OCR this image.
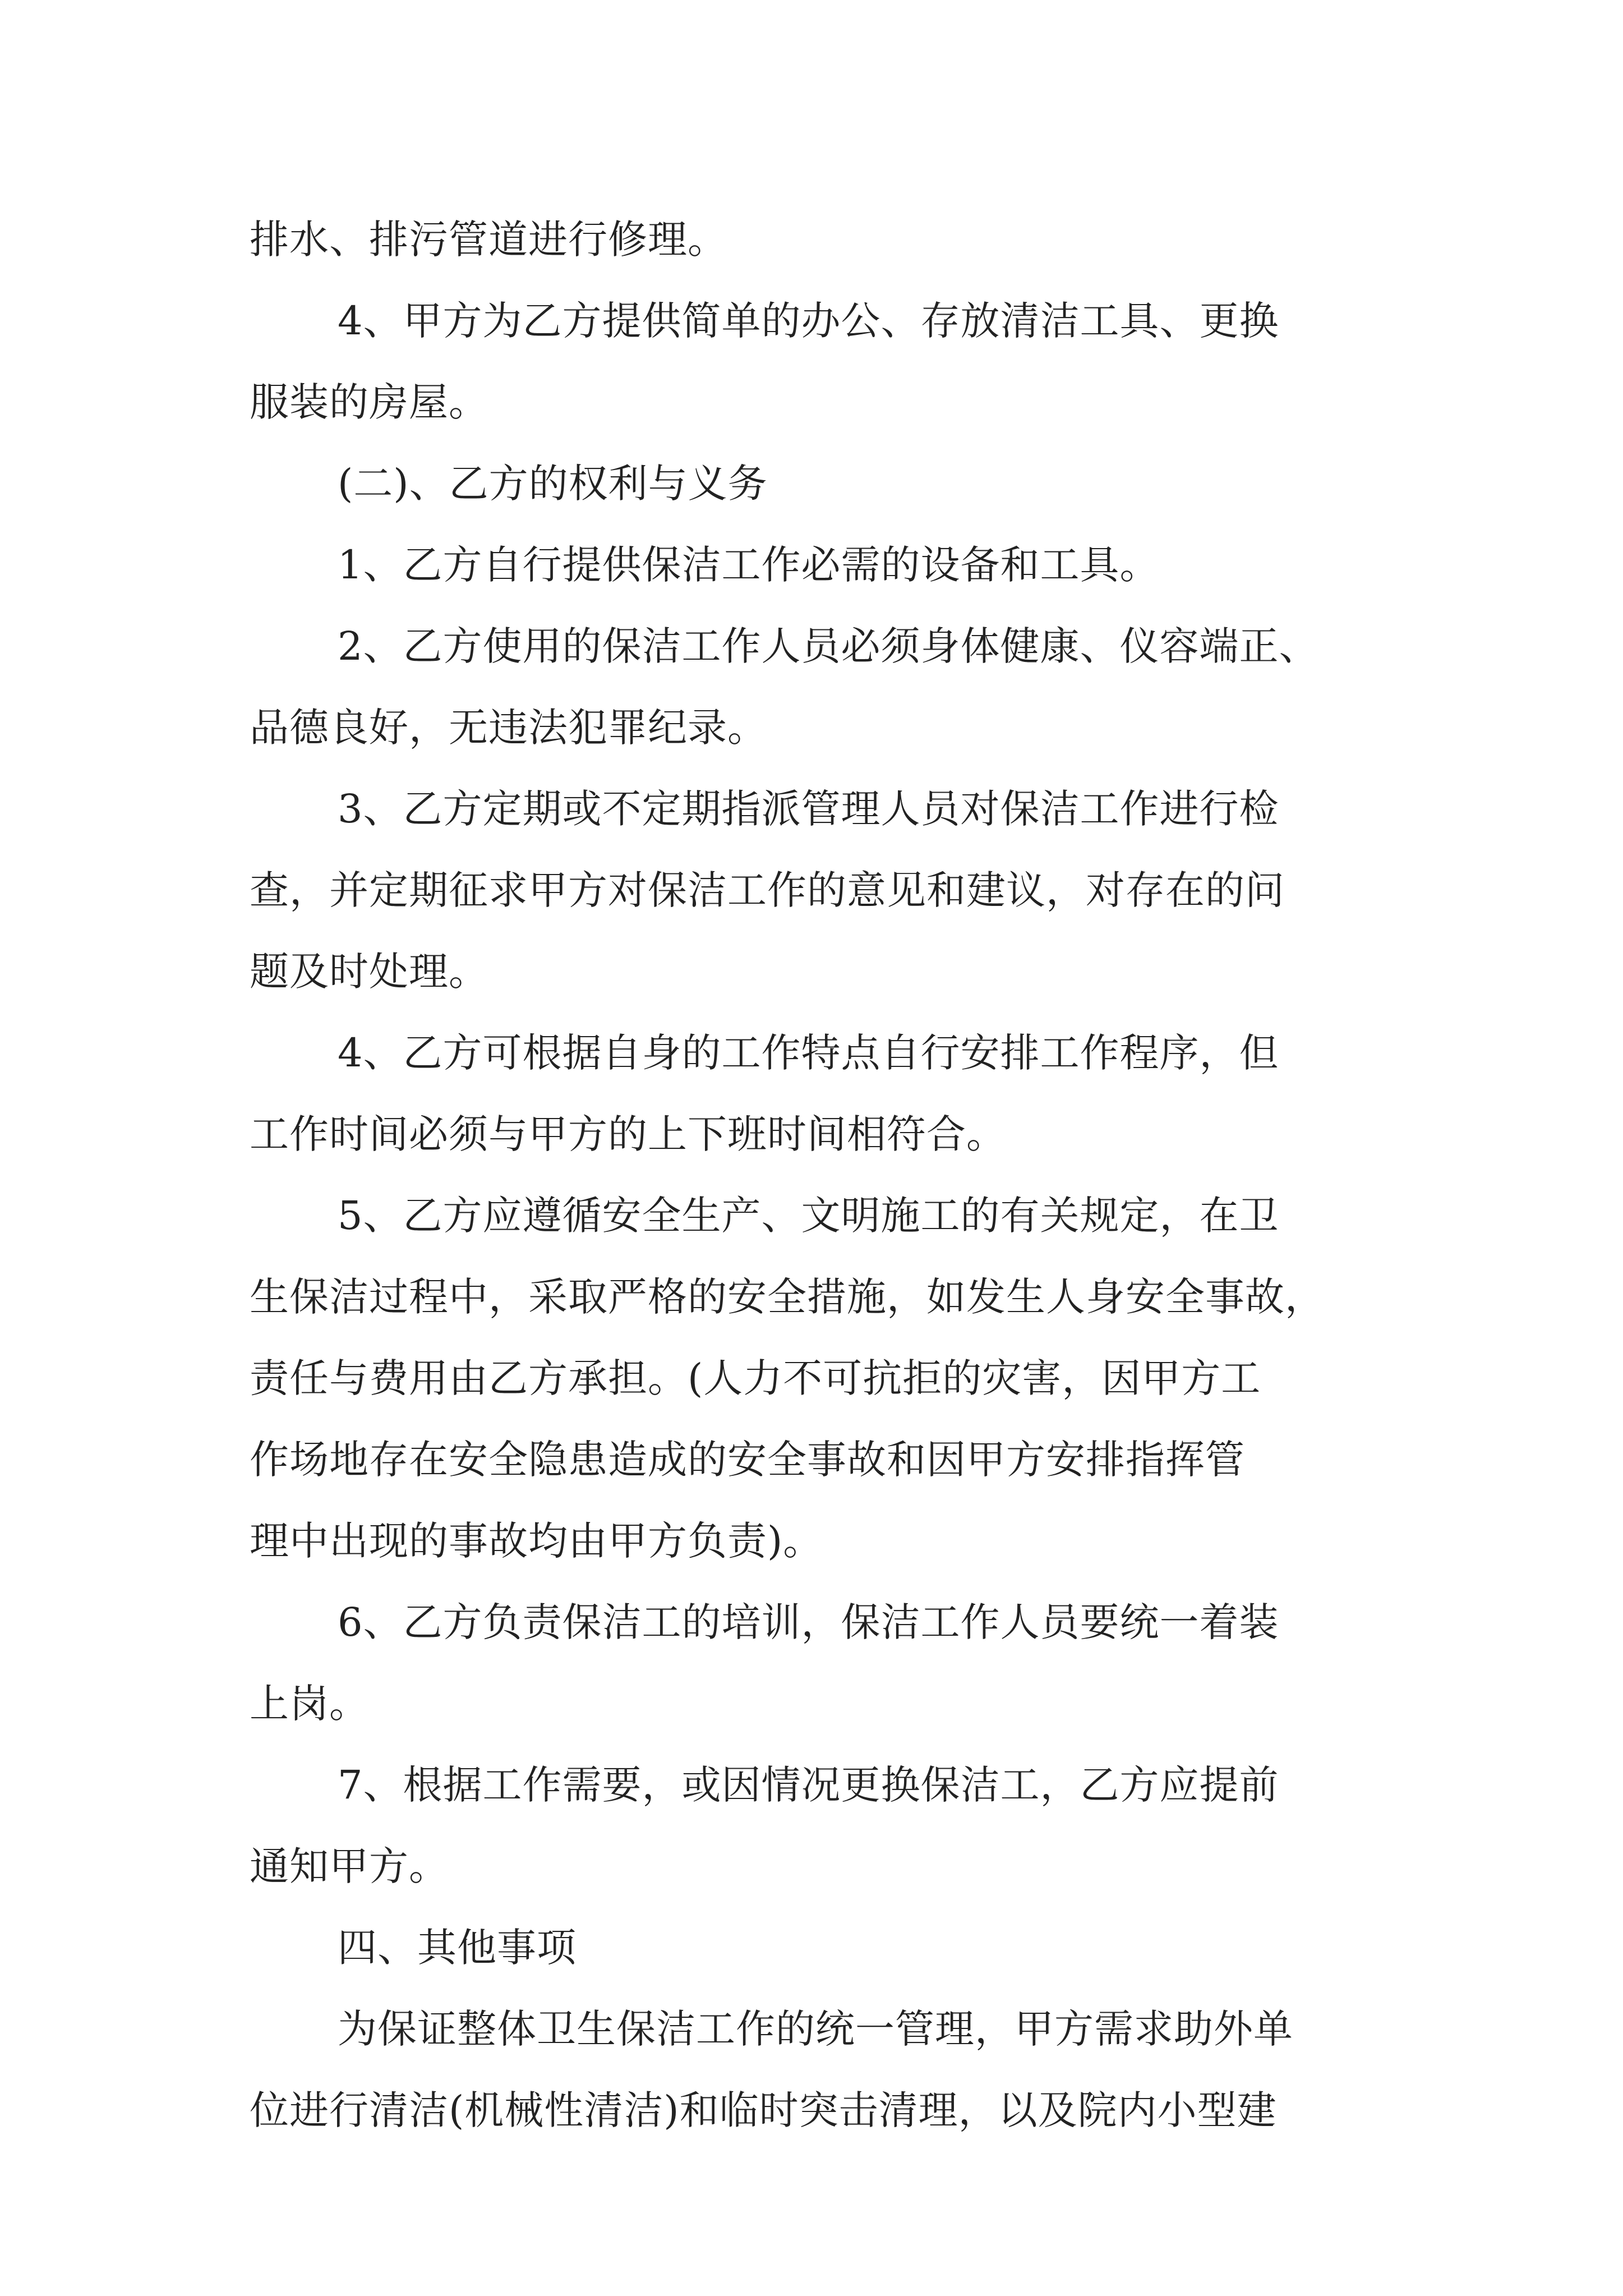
排水、排污管道进行修理。
4、甲方为乙方提供简单的办公、存放清洁工具、更换
服装的房屋。
(二)、乙方的权利与义务
1、乙方自行提供保洁工作必需的设备和工具。
2、乙方使用的保洁工作人员必须身体健康、仪容端正、
品德良好，无违法犯罪纪录。
3、乙方定期或不定期指派管理人员对保洁工作进行检
查，并定期征求甲方对保洁工作的意见和建议，对存在的问
题及时处理。
4、乙方可根据自身的工作特点自行安排工作程序，但
工作时间必须与甲方的上下班时间相符合。
5、乙方应遵循安全生产、文明施工的有关规定，在卫
生保洁过程中，采取严格的安全措施，如发生人身安全事故，
责任与费用由乙方承担。(人力不可抗拒的灾害，因甲方工
作场地存在安全隐患造成的安全事故和因甲方安排指挥管
理中出现的事故均由甲方负责)。
6、乙方负责保洁工的培训，保洁工作人员要统一着装
上岗。
7、根据工作需要，或因情况更换保洁工，乙方应提前
通知甲方。
四、其他事项
为保证整体卫生保洁工作的统一管理，甲方需求助外单
位进行清洁(机械性清洁)和临时突击清理，以及院内小型建
